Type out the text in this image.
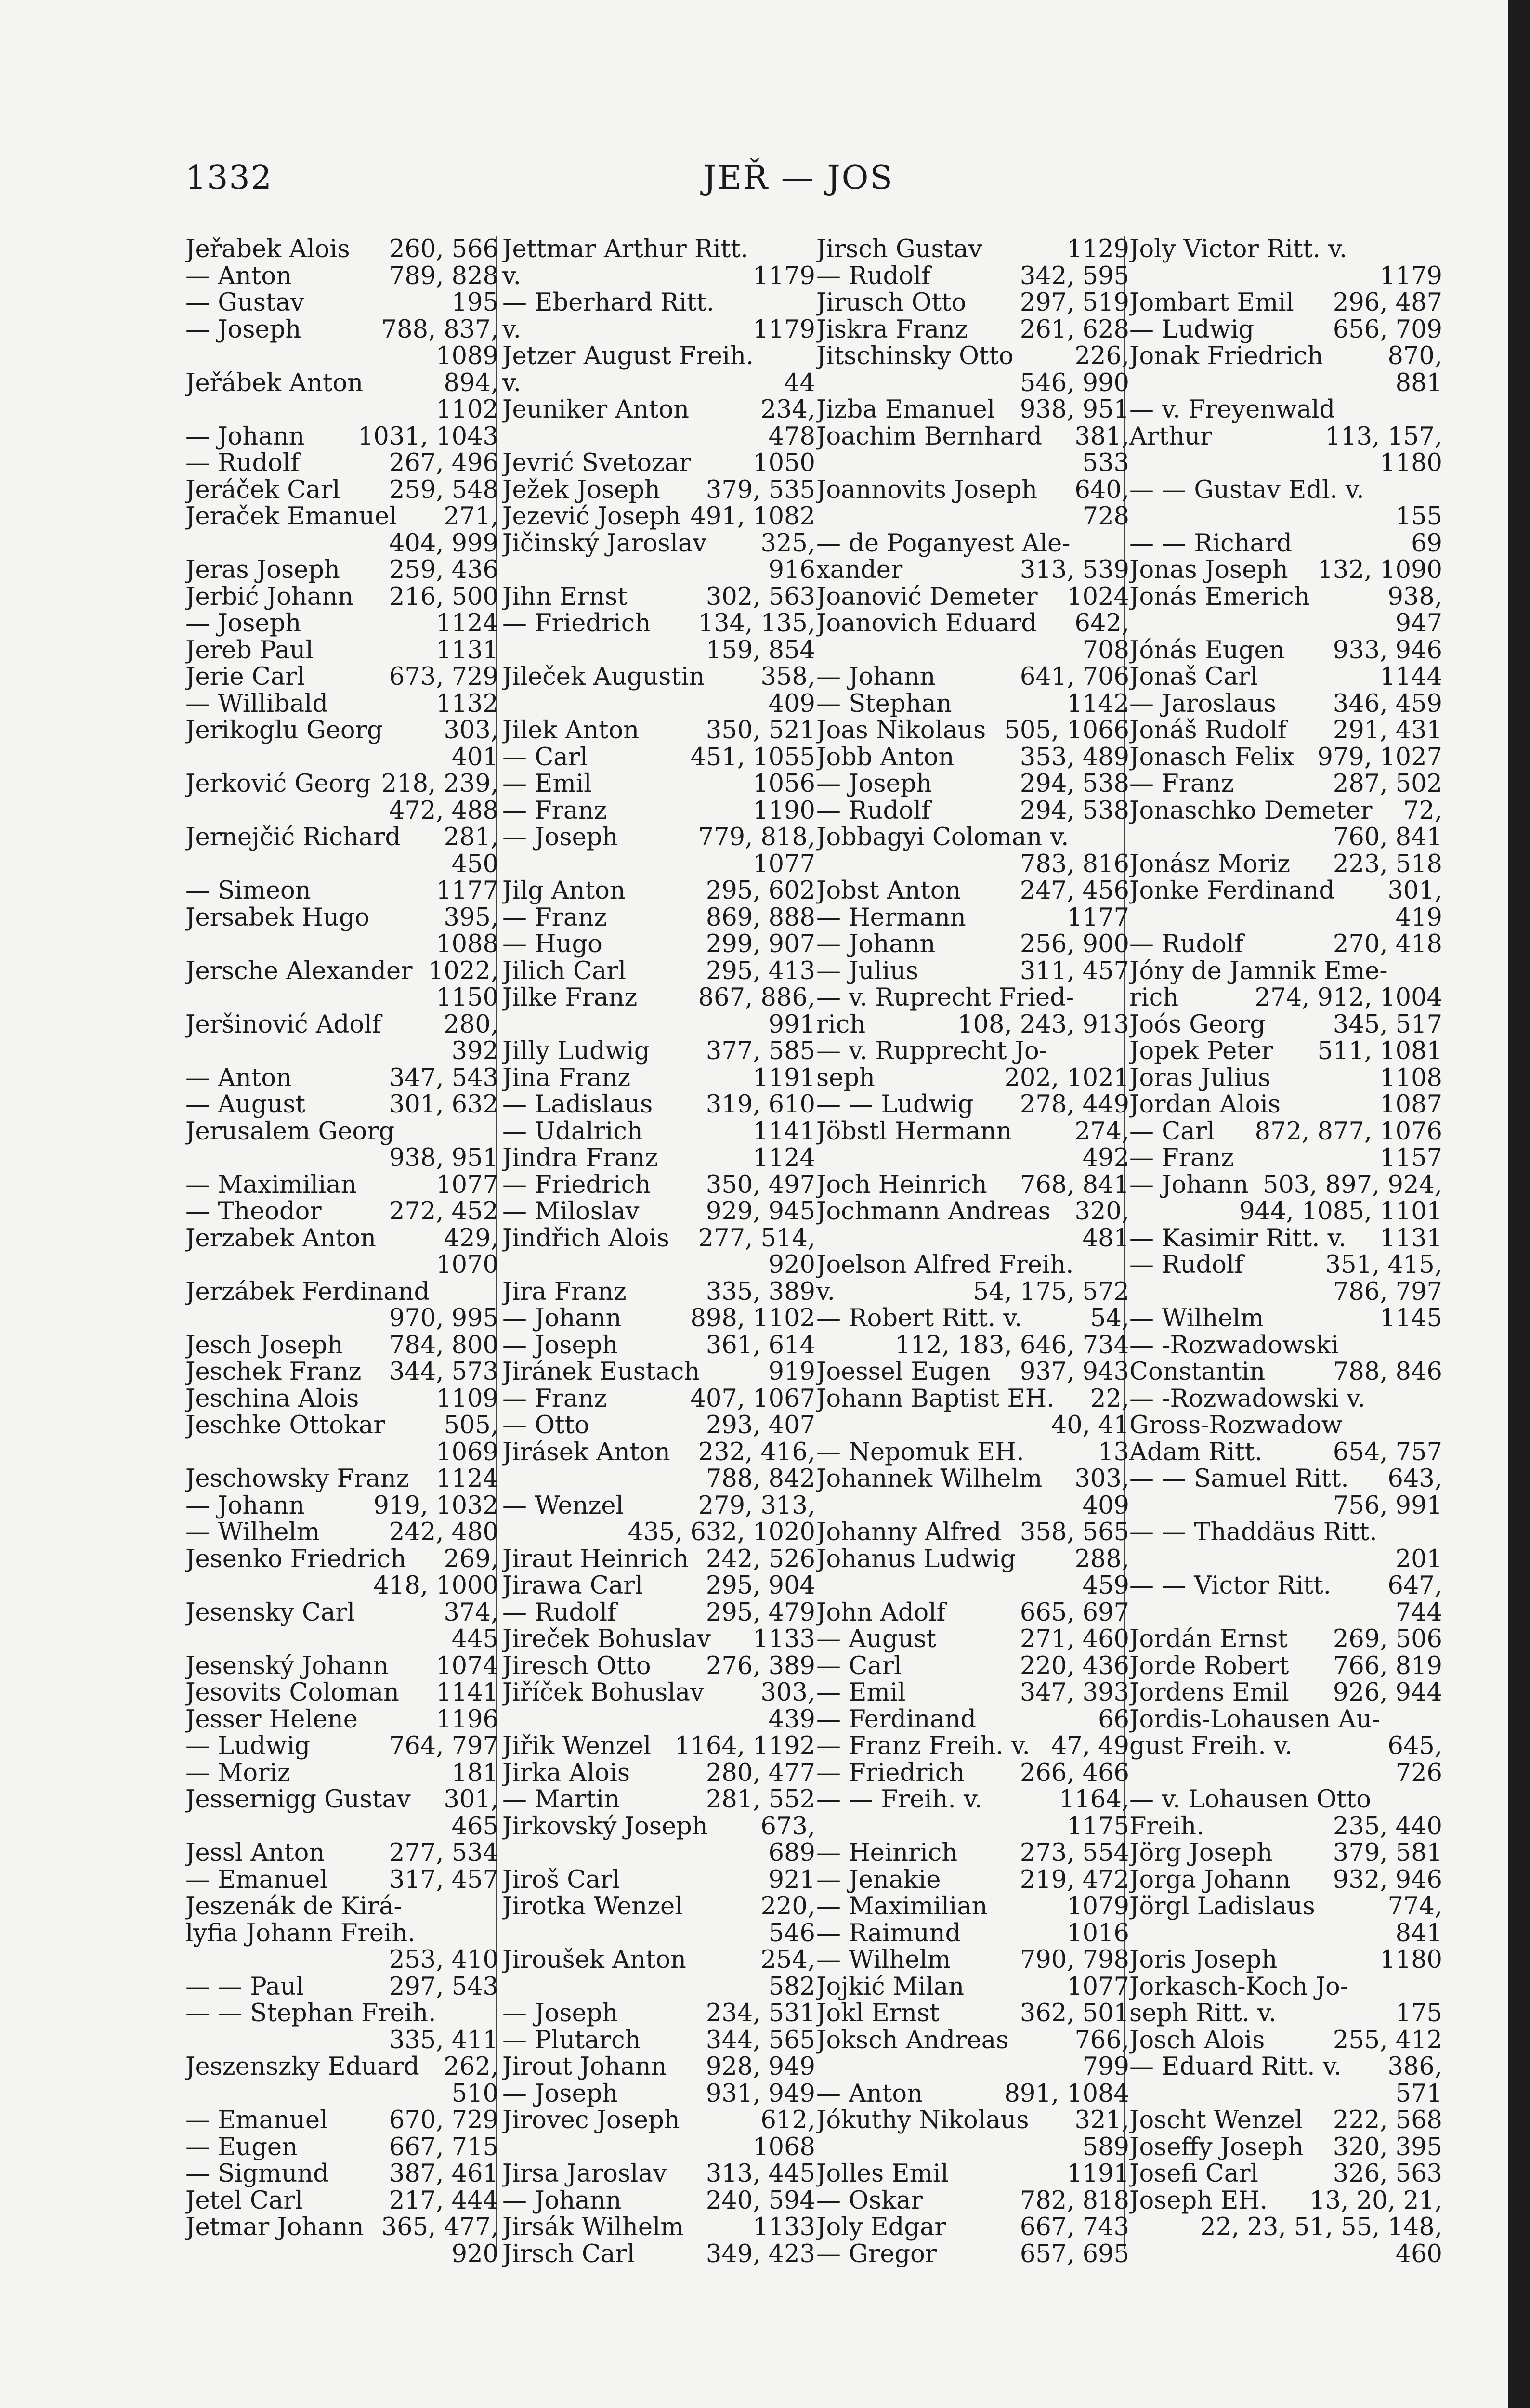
1332	JEŘ — JOS
Jeřabek Alois 260, 566
— Anton	789, 828
— Gustav	195
— Joseph	788, 837,
1089
Jeřábek Anton	894,
1102
— Johann 1031, 1043
— Rudolf	267, 496
Jeráček Carl 259, 548
Jeraček Emanuel 271,
404, 999
Jeras Joseph 259, 436
Jerbić Johann 216, 500
— Joseph	1124
Jereb Paul	1131
Jerie Carl	673, 729
— Willibald	1132
Jerikoglu Georg 303,
401
Jerković Georg 218, 239,
472, 488
Jernejčić Richard 281,
450
— Simeon	1177
Jersabek Hugo	395,
1088
Jersche Alexander 1022,
1150
Jeršinović Adolf	280,
392
— Anton	347, 543
— August	301, 632
Jerusalem Georg
938, 951
— Maximilian	1077
— Theodor	272, 452
Jerzabek Anton	429,
1070
Jerzábek Ferdinand
970, 995
Jesch Joseph 784, 800
Jeschek Franz 344, 573
Jeschina Alois	1109
Jeschke Ottokar 505,
1069
Jeschowsky Franz 1124
— Johann	919, 1032
— Wilhelm	242, 480
Jesenko Friedrich 269,
418, 1000
Jesensky Carl	374,
445
Jesenský Johann 1074
Jesovits Coloman 1141
Jesser Helene	1196
— Ludwig	764, 797
— Moriz	181
Jessernigg Gustav 301,
465
Jessl Anton	277, 534
— Emanuel 317, 457
Jeszenák de Kirá-
lyfia Johann Freih.
253, 410
— — Paul	297, 543
— — Stephan Freih.
335, 411
Jeszenszky Eduard 262,
510
— Emanuel 670, 729
— Eugen	667, 715
— Sigmund 387, 461
Jetel Carl	217, 444
Jetmar Johann 365, 477,
920
Jettmar Arthur Ritt.
v.	1179
— Eberhard Ritt.
v.	1179
Jetzer August Freih.
v.	44
Jeuniker Anton	234,
478
Jevrić Svetozar	1050
Ježek Joseph 379, 535
Jezević Joseph 491, 1082
Jičinský Jaroslav 325,
916
Jihn Ernst	302, 563
— Friedrich 134, 135,
159, 854
Jileček Augustin 358,
409
Jilek Anton	350, 521
— Carl	451, 1055
— Emil	1056
— Franz	1190
— Joseph	779, 818,
1077
Jilg Anton	295, 602
— Franz	869, 888
— Hugo	299, 907
Jilich Carl	295, 413
Jilke Franz 867, 886,
991
Jilly Ludwig 377, 585
Jina Franz	1191
— Ladislaus 319, 610
— Udalrich	1141
Jindra Franz	1124
— Friedrich 350, 497
— Miloslav	929, 945
Jindřich Alois 277, 514,
920
Jira Franz	335, 389
— Johann	898, 1102
— Joseph	361, 614
Jiránek Eustach	919
— Franz	407, 1067
— Otto	293, 407
Jirásek Anton 232, 416,
788, 842
— Wenzel	279, 313,
435, 632, 1020
Jiraut Heinrich 242, 526
Jirawa Carl	295, 904
— Rudolf	295, 479
Jireček Bohuslav 1133
Jiresch Otto 276, 389
Jiříček Bohuslav 303,
439
Jiřik Wenzel 1164, 1192
Jirka Alois	280, 477
— Martin	281, 552
Jirkovský Joseph 673,
689
Jiroš Carl	921
Jirotka Wenzel	220,
546
Jiroušek Anton	254,
582
— Joseph	234, 531
— Plutarch	344, 565
Jirout Johann 928, 949
— Joseph	931, 949
Jirovec Joseph	612,
1068
Jirsa Jaroslav 313, 445
— Johann	240, 594
Jirsák Wilhelm	1133
Jirsch Carl	349, 423
Jirsch Gustav	1129
— Rudolf	342, 595
Jirusch Otto 297, 519
Jiskra Franz 261, 628
Jitschinsky Otto 226,
546, 990
Jizba Emanuel 938, 951
Joachim Bernhard 381,
533
Joannovits Joseph 640,
728
— de Poganyest Ale-
xander	313, 539
Joanović Demeter 1024
Joanovich Eduard 642,
708
— Johann	641, 706
— Stephan	1142
Joas Nikolaus 505, 1066
Jobb Anton	353, 489
— Joseph	294, 538
— Rudolf	294, 538
Jobbagyi Coloman v.
783, 816
Jobst Anton 247, 456
— Hermann	1177
— Johann	256, 900
— Julius	311, 457
— v. Ruprecht Fried-
rich	108, 243, 913
— v. Rupprecht Jo-
seph	202, 1021
— — Ludwig 278, 449
Jöbstl Hermann	274,
492
Joch Heinrich 768, 841
Jochmann Andreas 320,
481
Joelson Alfred Freih.
v.	54, 175, 572
— Robert Ritt. v.	54,
112, 183, 646, 734
Joessel Eugen 937, 943
Johann Baptist EH. 22,
40, 41
— Nepomuk EH.	13
Johannek Wilhelm 303,
409
Johanny Alfred 358, 565
Johanus Ludwig 288,
459
John Adolf	665, 697
— August	271, 460
— Carl	220, 436
— Emil	347, 393
— Ferdinand	66
— Franz Freih. v. 47, 49
— Friedrich 266, 466
— — Freih. v.	1164,
1175
— Heinrich	273, 554
— Jenakie	219, 472
— Maximilian	1079
— Raimund	1016
— Wilhelm	790, 798
Jojkić Milan	1077
Jokl Ernst	362, 501
Joksch Andreas	766,
799
— Anton	891, 1084
Jókuthy Nikolaus 321,
589
Jolles Emil	1191
— Oskar	782, 818
Joly Edgar	667, 743
— Gregor	657, 695
Joly Victor Ritt. v.
1179
Jombart Emil 296, 487
— Ludwig	656, 709
Jonak Friedrich	870,
881
— v. Freyenwald
Arthur	113, 157,
1180
— — Gustav Edl. v.
155
— — Richard	69
Jonas Joseph 132, 1090
Jonás Emerich	938,
947
Jónás Eugen 933, 946
Jonaš Carl	1144
— Jaroslaus 346, 459
Jonáš Rudolf 291, 431
Jonasch Felix 979, 1027
— Franz	287, 502
Jonaschko Demeter 72,
760, 841
Jonász Moriz 223, 518
Jonke Ferdinand 301,
419
— Rudolf	270, 418
Jóny de Jamnik Eme-
rich	274, 912, 1004
Joós Georg	345, 517
Jopek Peter 511, 1081
Joras Julius	1108
Jordan Alois	1087
— Carl 872, 877, 1076
— Franz	1157
— Johann 503, 897, 924,
944, 1085, 1101
— Kasimir Ritt. v. 1131
— Rudolf	351, 415,
786, 797
— Wilhelm	1145
— -Rozwadowski
Constantin	788, 846
— -Rozwadowski v.
Gross-Rozwadow
Adam Ritt.	654, 757
— — Samuel Ritt. 643,
756, 991
— — Thaddäus Ritt.
201
— — Victor Ritt. 647,
744
Jordán Ernst 269, 506
Jorde Robert 766, 819
Jordens Emil 926, 944
Jordis-Lohausen Au-
gust Freih. v.	645,
726
— v. Lohausen Otto
Freih.	235, 440
Jörg Joseph 379, 581
Jorga Johann 932, 946
Jörgl Ladislaus	774,
841
Joris Joseph	1180
Jorkasch-Koch Jo-
seph Ritt. v.	175
Josch Alois	255, 412
— Eduard Ritt. v. 386,
571
Joscht Wenzel 222, 568
Joseffy Joseph 320, 395
Josefi Carl	326, 563
Joseph EH. 13, 20, 21,
22, 23, 51, 55, 148,
460
